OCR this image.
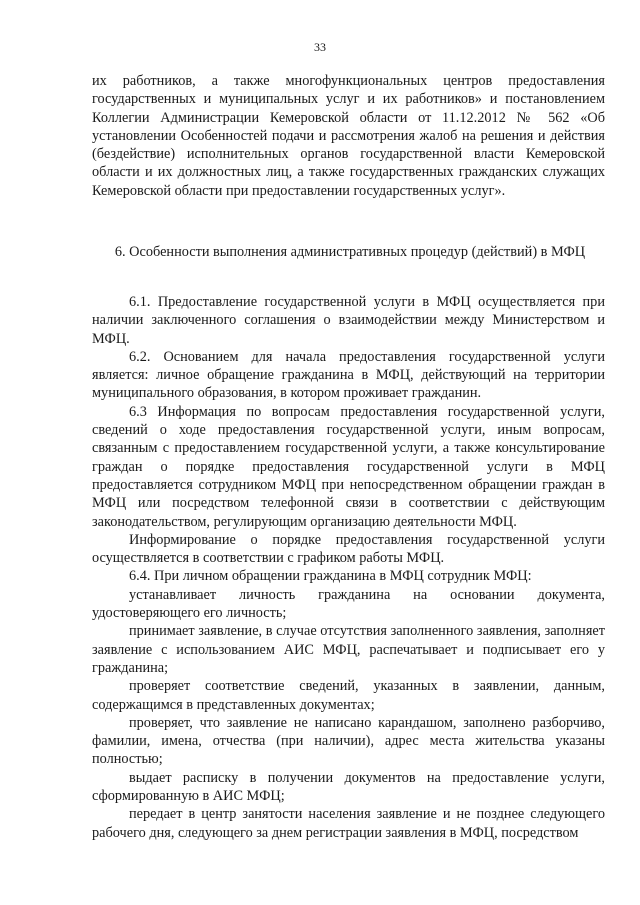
33

их работников, а также многофункциональных центров предоставления государственных и муниципальных услуг и их работников» и постановлением Коллегии Администрации Кемеровской области от 11.12.2012 № 562 «Об установлении Особенностей подачи и рассмотрения жалоб на решения и действия (бездействие) исполнительных органов государственной власти Кемеровской области и их должностных лиц, а также государственных гражданских служащих Кемеровской области при предоставлении государственных услуг».

6. Особенности выполнения административных процедур (действий) в МФЦ

6.1. Предоставление государственной услуги в МФЦ осуществляется при наличии заключенного соглашения о взаимодействии между Министерством и МФЦ.

6.2. Основанием для начала предоставления государственной услуги является: личное обращение гражданина в МФЦ, действующий на территории муниципального образования, в котором проживает гражданин.

6.3 Информация по вопросам предоставления государственной услуги, сведений о ходе предоставления государственной услуги, иным вопросам, связанным с предоставлением государственной услуги, а также консультирование граждан о порядке предоставления государственной услуги в МФЦ предоставляется сотрудником МФЦ при непосредственном обращении граждан в МФЦ или посредством телефонной связи в соответствии с действующим законодательством, регулирующим организацию деятельности МФЦ.

Информирование о порядке предоставления государственной услуги осуществляется в соответствии с графиком работы МФЦ.

6.4. При личном обращении гражданина в МФЦ сотрудник МФЦ:

устанавливает личность гражданина на основании документа, удостоверяющего его личность;

принимает заявление, в случае отсутствия заполненного заявления, заполняет заявление с использованием АИС МФЦ, распечатывает и подписывает его у гражданина;

проверяет соответствие сведений, указанных в заявлении, данным, содержащимся в представленных документах;

проверяет, что заявление не написано карандашом, заполнено разборчиво, фамилии, имена, отчества (при наличии), адрес места жительства указаны полностью;

выдает расписку в получении документов на предоставление услуги, сформированную в АИС МФЦ;

передает в центр занятости населения заявление и не позднее следующего рабочего дня, следующего за днем регистрации заявления в МФЦ, посредством
